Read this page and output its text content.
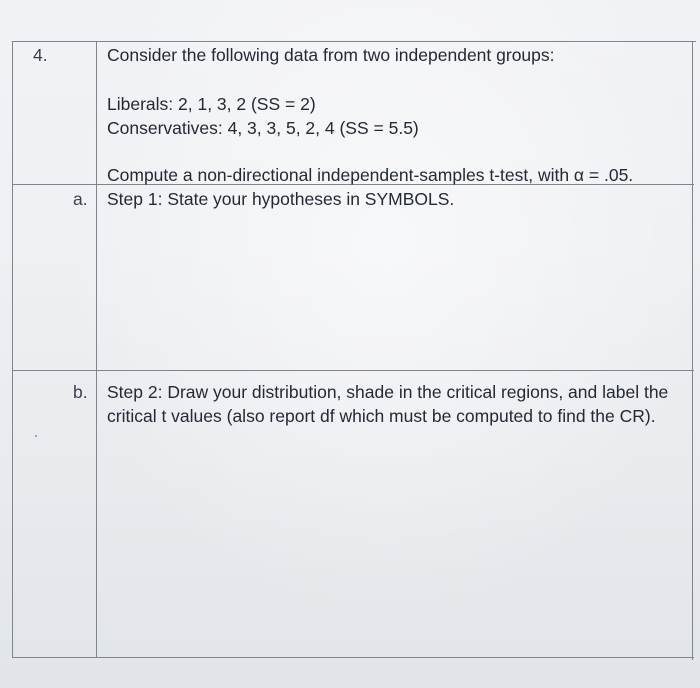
4.	Consider the following data from two independent groups:
Liberals: 2, 1, 3, 2 (SS = 2)
Conservatives: 4, 3, 3, 5, 2, 4 (SS = 5.5)
Compute a non-directional independent-samples t-test, with α = .05.
a. Step 1: State your hypotheses in SYMBOLS.
b. Step 2: Draw your distribution, shade in the critical regions, and label the
critical t values (also report df which must be computed to find the CR).
